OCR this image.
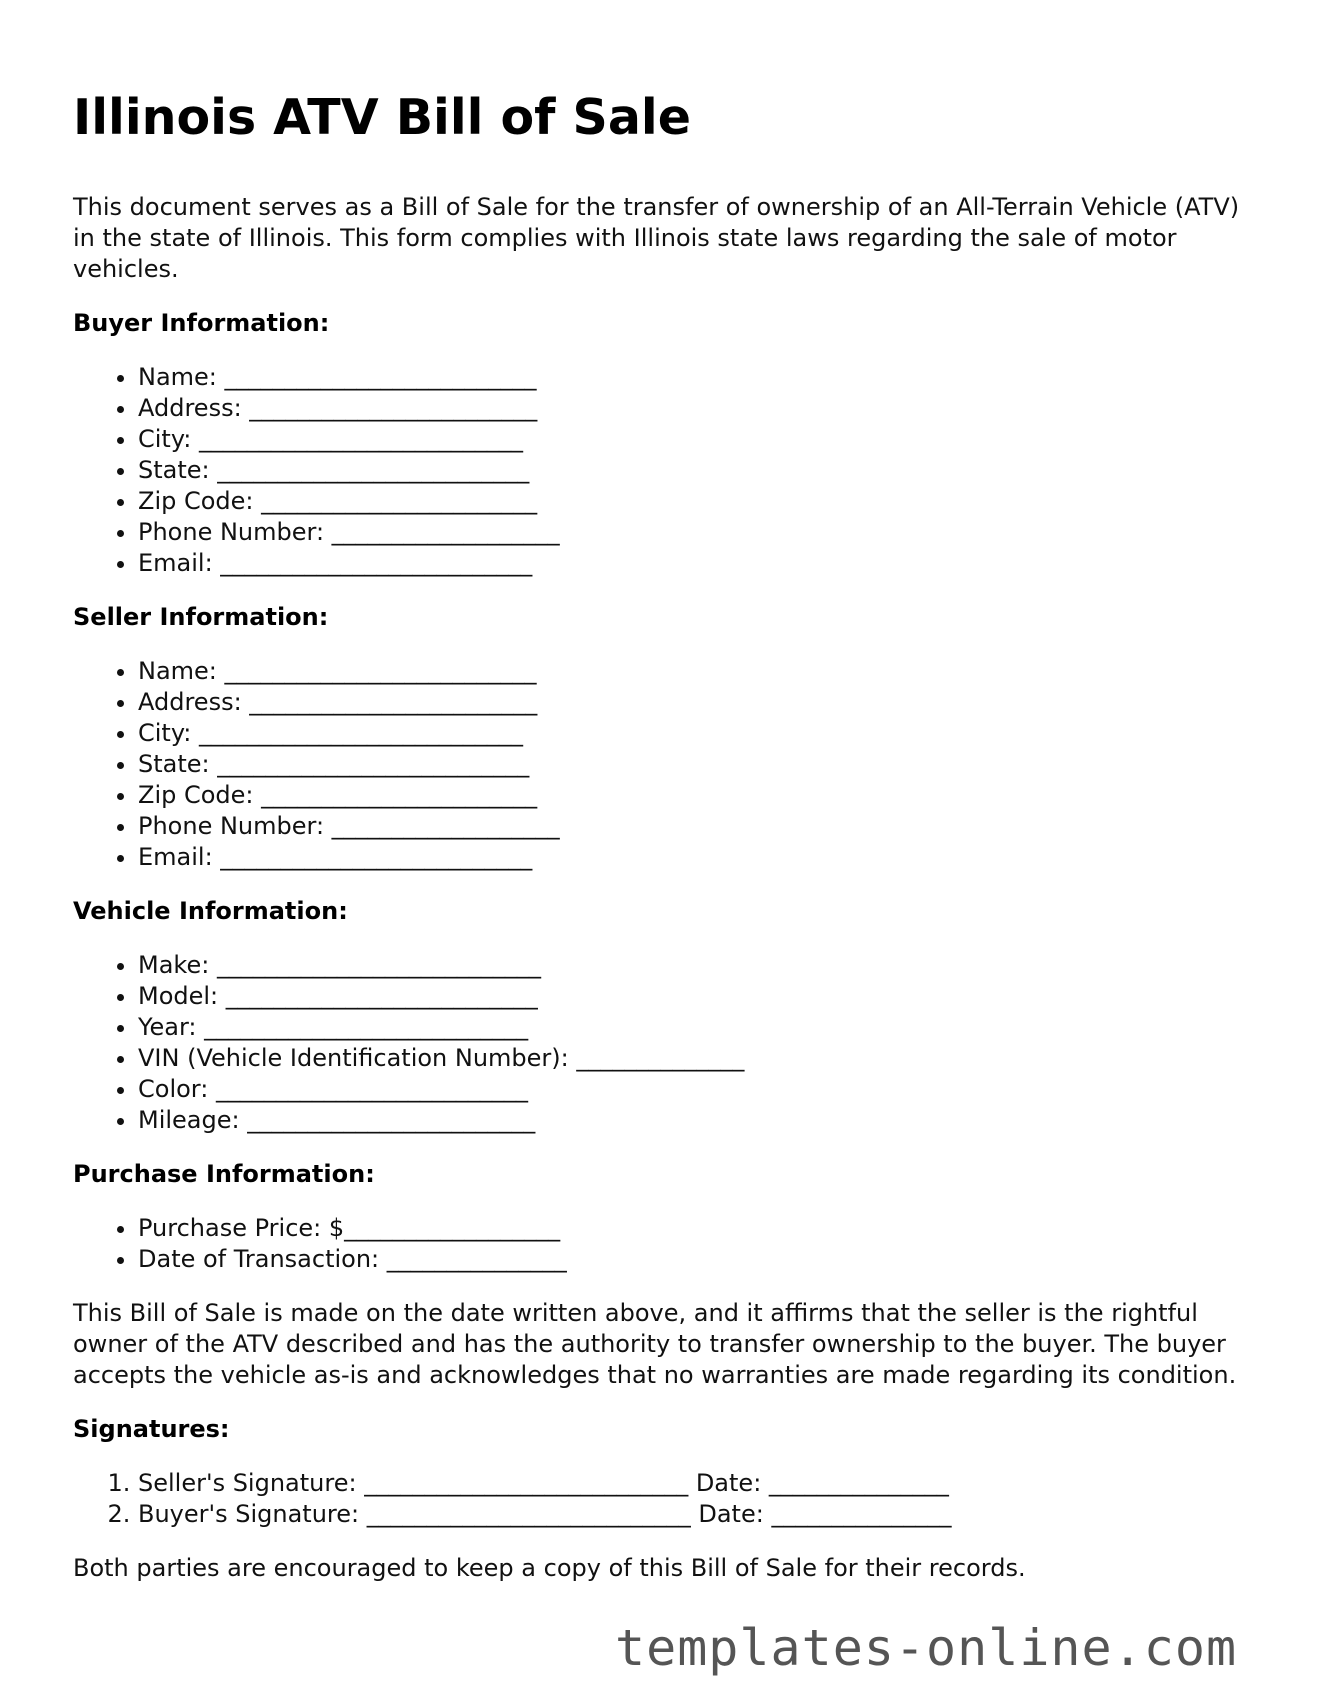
Illinois ATV Bill of Sale

This document serves as a Bill of Sale for the transfer of ownership of an All-Terrain Vehicle (ATV) in the state of Illinois. This form complies with Illinois state laws regarding the sale of motor vehicles.

Buyer Information:
• Name: __________________________
• Address: ________________________
• City: ___________________________
• State: __________________________
• Zip Code: _______________________
• Phone Number: ___________________
• Email: __________________________
Seller Information:
• Name: __________________________
• Address: ________________________
• City: ___________________________
• State: __________________________
• Zip Code: _______________________
• Phone Number: ___________________
• Email: __________________________
Vehicle Information:
• Make: ___________________________
• Model: __________________________
• Year: ___________________________
• VIN (Vehicle Identification Number): ______________
• Color: __________________________
• Mileage: ________________________
Purchase Information:
• Purchase Price: $__________________
• Date of Transaction: _______________

This Bill of Sale is made on the date written above, and it affirms that the seller is the rightful owner of the ATV described and has the authority to transfer ownership to the buyer. The buyer accepts the vehicle as-is and acknowledges that no warranties are made regarding its condition.

Signatures:
1. Seller's Signature: ___________________________ Date: _______________
2. Buyer's Signature: ___________________________ Date: _______________

Both parties are encouraged to keep a copy of this Bill of Sale for their records.

templates-online.com
